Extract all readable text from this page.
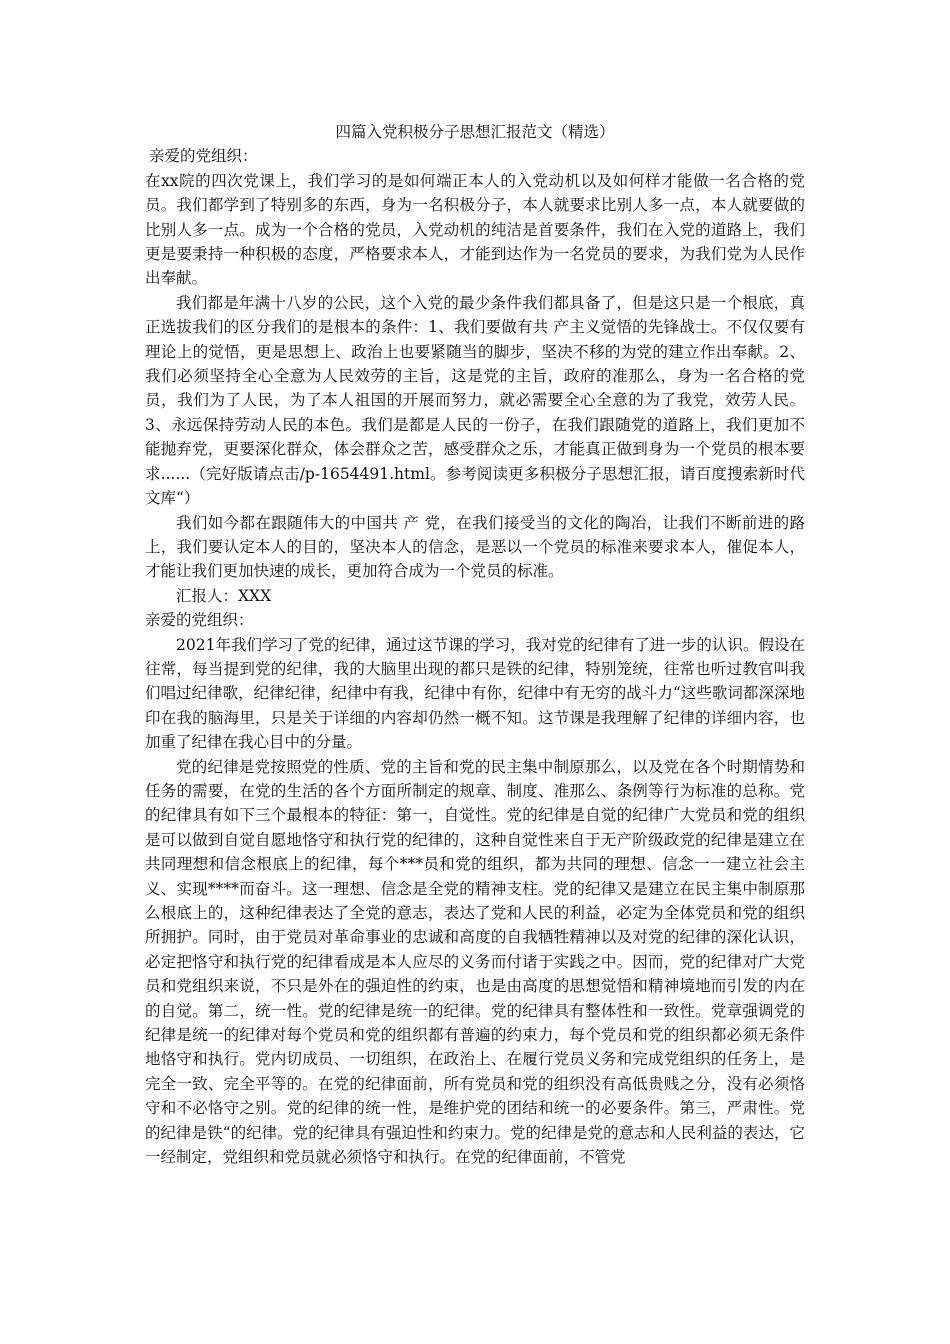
四篇入党积极分子思想汇报范文（精选）

亲爱的党组织：

在xx院的四次党课上，我们学习的是如何端正本人的入党动机以及如何样才能做一名合格的党员。我们都学到了特别多的东西，身为一名积极分子，本人就要求比别人多一点，本人就要做的比别人多一点。成为一个合格的党员，入党动机的纯洁是首要条件，我们在入党的道路上，我们更是要秉持一种积极的态度，严格要求本人，才能到达作为一名党员的要求，为我们党为人民作出奉献。

我们都是年满十八岁的公民，这个入党的最少条件我们都具备了，但是这只是一个根底，真正选拔我们的区分我们的是根本的条件：1、我们要做有共 产主义觉悟的先锋战士。不仅仅要有理论上的觉悟，更是思想上、政治上也要紧随当的脚步，坚决不移的为党的建立作出奉献。2、我们必须坚持全心全意为人民效劳的主旨，这是党的主旨，政府的准那么，身为一名合格的党员，我们为了人民，为了本人祖国的开展而努力，就必需要全心全意的为了我党，效劳人民。3、永远保持劳动人民的本色。我们是都是人民的一份子，在我们跟随党的道路上，我们更加不能抛弃党，更要深化群众，体会群众之苦，感受群众之乐，才能真正做到身为一个党员的根本要求......（完好版请点击/p-1654491.html。参考阅读更多积极分子思想汇报，请百度搜索新时代文库“）

我们如今都在跟随伟大的中国共 产 党，在我们接受当的文化的陶冶，让我们不断前进的路上，我们要认定本人的目的，坚决本人的信念，是恶以一个党员的标准来要求本人，催促本人，才能让我们更加快速的成长，更加符合成为一个党员的标准。

汇报人：XXX

亲爱的党组织：

2021年我们学习了党的纪律，通过这节课的学习，我对党的纪律有了进一步的认识。假设在往常，每当提到党的纪律，我的大脑里出现的都只是铁的纪律，特别笼统，往常也听过教官叫我们唱过纪律歌，纪律纪律，纪律中有我，纪律中有你，纪律中有无穷的战斗力“这些歌词都深深地印在我的脑海里，只是关于详细的内容却仍然一概不知。这节课是我理解了纪律的详细内容，也加重了纪律在我心目中的分量。

党的纪律是党按照党的性质、党的主旨和党的民主集中制原那么，以及党在各个时期情势和任务的需要，在党的生活的各个方面所制定的规章、制度、准那么、条例等行为标准的总称。党的纪律具有如下三个最根本的特征：第一，自觉性。党的纪律是自觉的纪律广大党员和党的组织是可以做到自觉自愿地恪守和执行党的纪律的，这种自觉性来自于无产阶级政党的纪律是建立在共同理想和信念根底上的纪律，每个***员和党的组织，都为共同的理想、信念一一建立社会主义、实现****而奋斗。这一理想、信念是全党的精神支柱。党的纪律又是建立在民主集中制原那么根底上的，这种纪律表达了全党的意志，表达了党和人民的利益，必定为全体党员和党的组织所拥护。同时，由于党员对革命事业的忠诚和高度的自我牺牲精神以及对党的纪律的深化认识，必定把恪守和执行党的纪律看成是本人应尽的义务而付诸于实践之中。因而，党的纪律对广大党员和党组织来说，不只是外在的强迫性的约束，也是由高度的思想觉悟和精神境地而引发的内在的自觉。第二，统一性。党的纪律是统一的纪律。党的纪律具有整体性和一致性。党章强调党的纪律是统一的纪律对每个党员和党的组织都有普遍的约束力，每个党员和党的组织都必须无条件地恪守和执行。党内切成员、一切组织，在政治上、在履行党员义务和完成党组织的任务上，是完全一致、完全平等的。在党的纪律面前，所有党员和党的组织没有高低贵贱之分，没有必须恪守和不必恪守之别。党的纪律的统一性，是维护党的团结和统一的必要条件。第三，严肃性。党的纪律是铁“的纪律。党的纪律具有强迫性和约束力。党的纪律是党的意志和人民利益的表达，它一经制定，党组织和党员就必须恪守和执行。在党的纪律面前，不管党
